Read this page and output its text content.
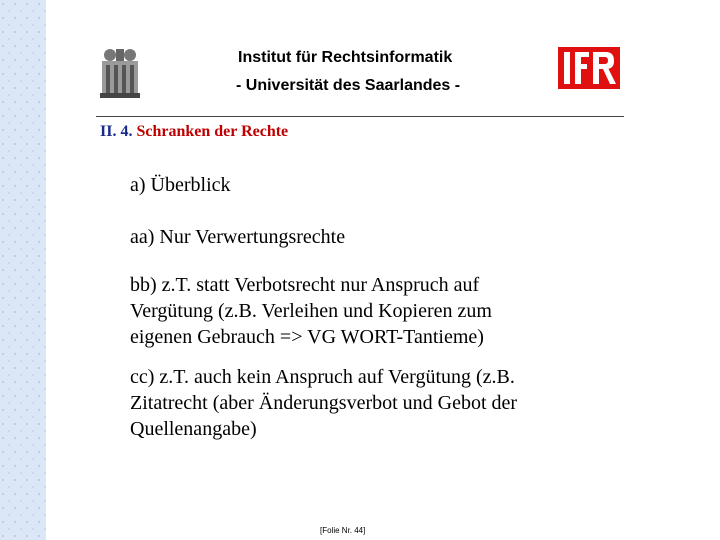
Institut für Rechtsinformatik
- Universität des Saarlandes -
II. 4. Schranken der Rechte

a) Überblick

aa) Nur Verwertungsrechte

bb) z.T. statt Verbotsrecht nur Anspruch auf

Vergütung (z.B. Verleihen und Kopieren zum

eigenen Gebrauch => VG WORT-Tantieme)

cc) z.T. auch kein Anspruch auf Vergütung (z.B.

Zitatrecht (aber Änderungsverbot und Gebot der

Quellenangabe)

[Folie Nr. 44]
